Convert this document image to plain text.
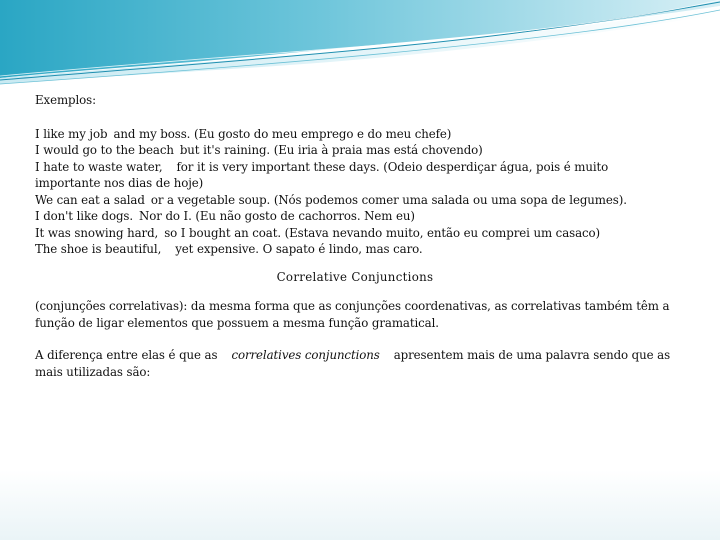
Exemplos:

I like my job and my boss. (Eu gosto do meu emprego e do meu chefe)

I would go to the beach but it's raining. (Eu iria à praia mas está chovendo)

I hate to waste water, for it is very important these days. (Odeio desperdiçar água, pois é muito importante nos dias de hoje)

We can eat a salad or a vegetable soup. (Nós podemos comer uma salada ou uma sopa de legumes).

I don't like dogs. Nor do I. (Eu não gosto de cachorros. Nem eu)

It was snowing hard, so I bought an coat. (Estava nevando muito, então eu comprei um casaco)

The shoe is beautiful, yet expensive. O sapato é lindo, mas caro.

Correlative Conjunctions

(conjunções correlativas): da mesma forma que as conjunções coordenativas, as correlativas também têm a função de ligar elementos que possuem a mesma função gramatical.

A diferença entre elas é que as correlatives conjunctions apresentem mais de uma palavra sendo que as mais utilizadas são:
